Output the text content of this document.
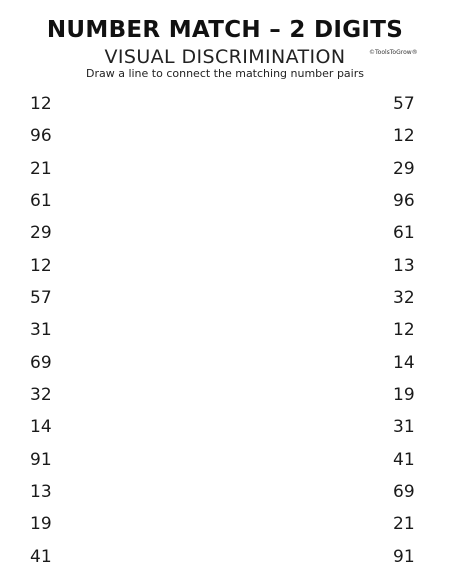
NUMBER MATCH – 2 DIGITS
VISUAL DISCRIMINATION	©ToolsToGrow®
Draw a line to connect the matching number pairs
12
96
21
61
29
12
57
31
69
32
14
91
13
19
41
57
12
29
96
61
13
32
12
14
19
31
41
69
21
91
